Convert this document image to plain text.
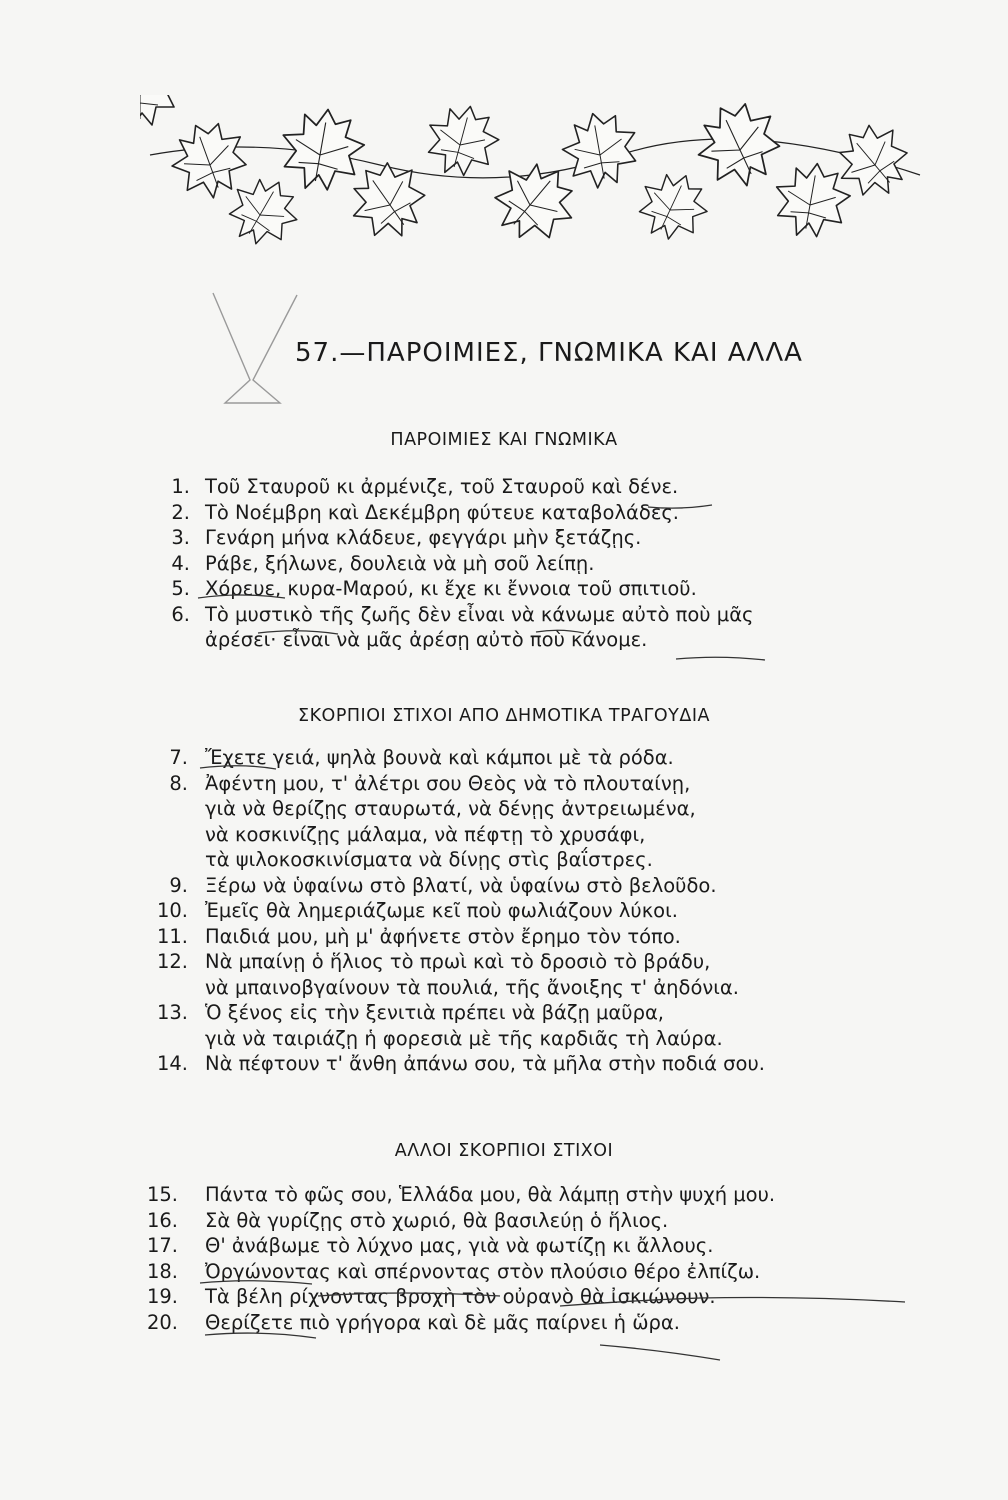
57.—ΠΑΡΟΙΜΙΕΣ, ΓΝΩΜΙΚΑ ΚΑΙ ΑΛΛΑ
ΠΑΡΟΙΜΙΕΣ ΚΑΙ ΓΝΩΜΙΚΑ
1. Τοῦ Σταυροῦ κι ἀρμένιζε, τοῦ Σταυροῦ καὶ δένε.
2. Τὸ Νοέμβρη καὶ Δεκέμβρη φύτευε καταβολάδες.
3. Γενάρη μήνα κλάδευε, φεγγάρι μὴν ξετάζῃς.
4. Ράβε, ξήλωνε, δουλειὰ νὰ μὴ σοῦ λείπῃ.
5. Χόρευε, κυρα-Μαρού, κι ἔχε κι ἔννοια τοῦ σπιτιοῦ.
6. Τὸ μυστικὸ τῆς ζωῆς δὲν εἶναι νὰ κάνωμε αὐτὸ ποὺ μᾶς
ἀρέσει· εἶναι νὰ μᾶς ἀρέσῃ αὐτὸ ποὺ κάνομε.
ΣΚΟΡΠΙΟΙ ΣΤΙΧΟΙ ΑΠΟ ΔΗΜΟΤΙΚΑ ΤΡΑΓΟΥΔΙΑ
7. Ἔχετε γειά, ψηλὰ βουνὰ καὶ κάμποι μὲ τὰ ρόδα.
8. Ἀφέντη μου, τ' ἀλέτρι σου Θεὸς νὰ τὸ πλουταίνῃ,
γιὰ νὰ θερίζῃς σταυρωτά, νὰ δένῃς ἀντρειωμένα,
νὰ κοσκινίζῃς μάλαμα, νὰ πέφτῃ τὸ χρυσάφι,
τὰ ψιλοκοσκινίσματα νὰ δίνῃς στὶς βαΐστρες.
9. Ξέρω νὰ ὑφαίνω στὸ βλατί, νὰ ὑφαίνω στὸ βελοῦδο.
10. Ἐμεῖς θὰ λημεριάζωμε κεῖ ποὺ φωλιάζουν λύκοι.
11. Παιδιά μου, μὴ μ' ἀφήνετε στὸν ἔρημο τὸν τόπο.
12. Νὰ μπαίνῃ ὁ ἥλιος τὸ πρωὶ καὶ τὸ δροσιὸ τὸ βράδυ,
νὰ μπαινοβγαίνουν τὰ πουλιά, τῆς ἄνοιξης τ' ἀηδόνια.
13. Ὁ ξένος εἰς τὴν ξενιτιὰ πρέπει νὰ βάζῃ μαῦρα,
γιὰ νὰ ταιριάζῃ ἡ φορεσιὰ μὲ τῆς καρδιᾶς τὴ λαύρα.
14. Νὰ πέφτουν τ' ἄνθη ἀπάνω σου, τὰ μῆλα στὴν ποδιά σου.
ΑΛΛΟΙ ΣΚΟΡΠΙΟΙ ΣΤΙΧΟΙ
15. Πάντα τὸ φῶς σου, Ἑλλάδα μου, θὰ λάμπῃ στὴν ψυχή μου.
16. Σὰ θὰ γυρίζῃς στὸ χωριό, θὰ βασιλεύῃ ὁ ἥλιος.
17. Θ' ἀνάβωμε τὸ λύχνο μας, γιὰ νὰ φωτίζῃ κι ἄλλους.
18. Ὀργώνοντας καὶ σπέρνοντας στὸν πλούσιο θέρο ἐλπίζω.
19. Τὰ βέλη ρίχνοντας βροχὴ τὸν οὐρανὸ θὰ ἰσκιώνουν.
20. Θερίζετε πιὸ γρήγορα καὶ δὲ μᾶς παίρνει ἡ ὥρα.
